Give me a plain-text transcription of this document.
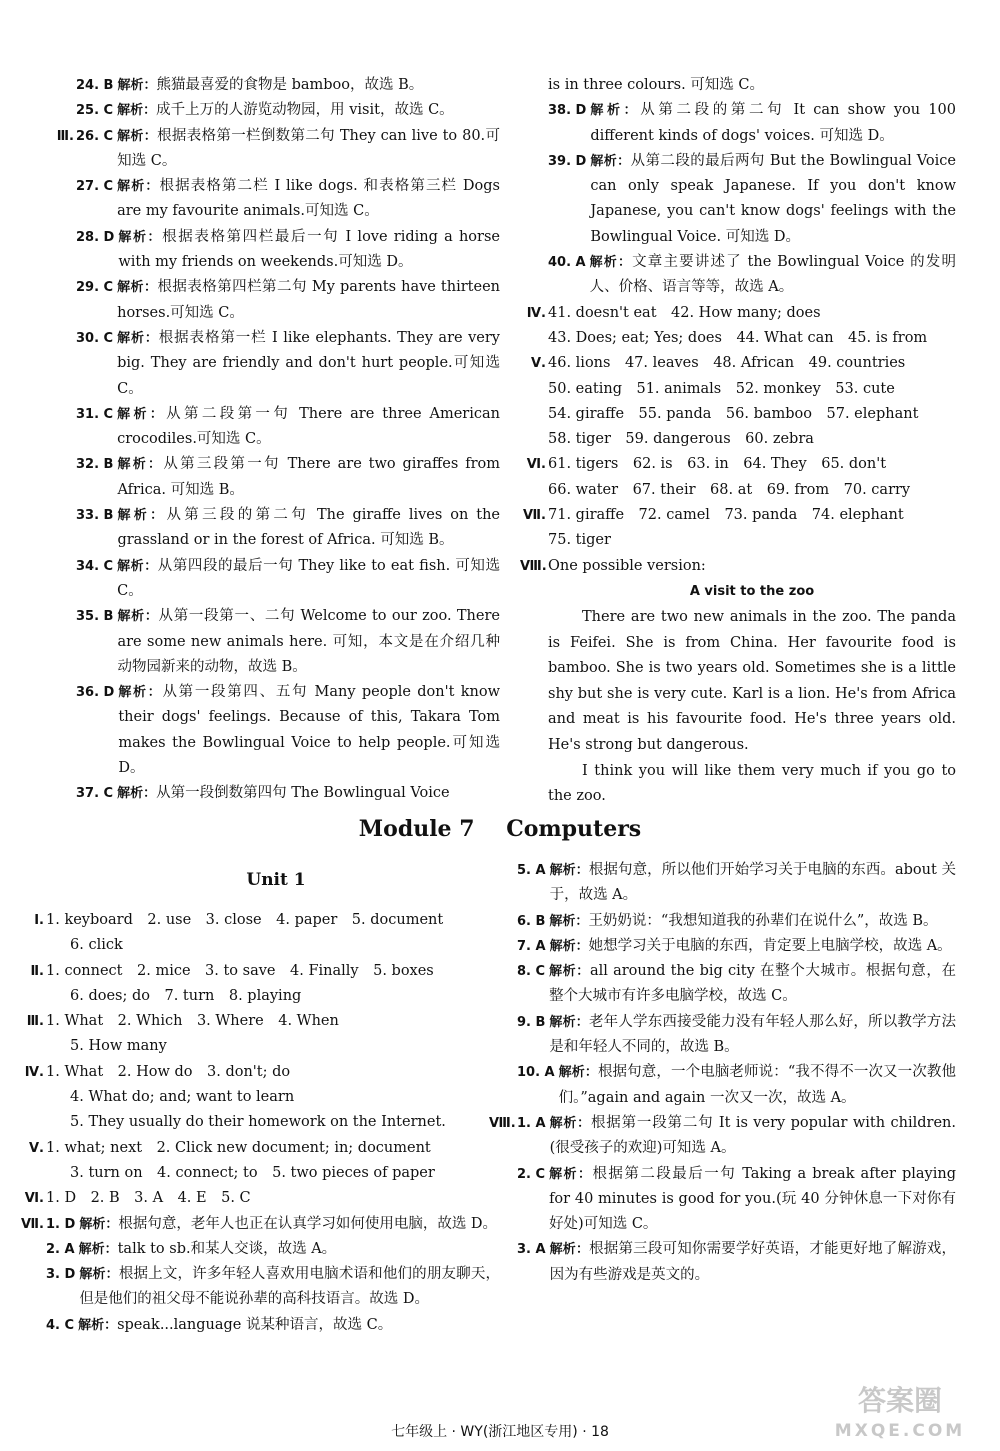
24. B 解析：熊猫最喜爱的食物是 bamboo，故选 B。
25. C 解析：成千上万的人游览动物园，用 visit，故选 C。
Ⅲ. 26. C 解析：根据表格第一栏倒数第二句 They can live to 80.可知选 C。
27. C 解析：根据表格第二栏 I like dogs. 和表格第三栏 Dogs are my favourite animals.可知选 C。
28. D 解析：根据表格第四栏最后一句 I love riding a horse with my friends on weekends.可知选 D。
29. C 解析：根据表格第四栏第二句 My parents have thirteen horses.可知选 C。
30. C 解析：根据表格第一栏 I like elephants. They are very big. They are friendly and don't hurt people.可知选 C。
31. C 解析：从第二段第一句 There are three American crocodiles.可知选 C。
32. B 解析：从第三段第一句 There are two giraffes from Africa. 可知选 B。
33. B 解析：从第三段的第二句 The giraffe lives on the grassland or in the forest of Africa. 可知选 B。
34. C 解析：从第四段的最后一句 They like to eat fish. 可知选 C。
35. B 解析：从第一段第一、二句 Welcome to our zoo. There are some new animals here. 可知，本文是在介绍几种动物园新来的动物，故选 B。
36. D 解析：从第一段第四、五句 Many people don't know their dogs' feelings. Because of this, Takara Tom makes the Bowlingual Voice to help people.可知选 D。
37. C 解析：从第一段倒数第四句 The Bowlingual Voice
is in three colours. 可知选 C。
38. D 解析：从第二段的第二句 It can show you 100 different kinds of dogs' voices. 可知选 D。
39. D 解析：从第二段的最后两句 But the Bowlingual Voice can only speak Japanese. If you don't know Japanese, you can't know dogs' feelings with the Bowlingual Voice. 可知选 D。
40. A 解析：文章主要讲述了 the Bowlingual Voice 的发明人、价格、语言等等，故选 A。
Ⅳ. 41. doesn't eat　42. How many; does
43. Does; eat; Yes; does　44. What can　45. is from
Ⅴ. 46. lions　47. leaves　48. African　49. countries
50. eating　51. animals　52. monkey　53. cute
54. giraffe　55. panda　56. bamboo　57. elephant
58. tiger　59. dangerous　60. zebra
Ⅵ. 61. tigers　62. is　63. in　64. They　65. don't
66. water　67. their　68. at　69. from　70. carry
Ⅶ. 71. giraffe　72. camel　73. panda　74. elephant
75. tiger
Ⅷ. One possible version:
A visit to the zoo
There are two new animals in the zoo. The panda is Feifei. She is from China. Her favourite food is bamboo. She is two years old. Sometimes she is a little shy but she is very cute. Karl is a lion. He's from Africa and meat is his favourite food. He's three years old. He's strong but dangerous.
I think you will like them very much if you go to the zoo.
Module 7 Computers
Unit 1
Ⅰ. 1. keyboard　2. use　3. close　4. paper　5. document
6. click
Ⅱ. 1. connect　2. mice　3. to save　4. Finally　5. boxes
6. does; do　7. turn　8. playing
Ⅲ. 1. What　2. Which　3. Where　4. When
5. How many
Ⅳ. 1. What　2. How do　3. don't; do
4. What do; and; want to learn
5. They usually do their homework on the Internet.
Ⅴ. 1. what; next　2. Click new document; in; document
3. turn on　4. connect; to　5. two pieces of paper
Ⅵ. 1. D　2. B　3. A　4. E　5. C
Ⅶ. 1. D 解析：根据句意，老年人也正在认真学习如何使用电脑，故选 D。
2. A 解析：talk to sb.和某人交谈，故选 A。
3. D 解析：根据上文，许多年轻人喜欢用电脑术语和他们的朋友聊天，但是他们的祖父母不能说孙辈的高科技语言。故选 D。
4. C 解析：speak...language 说某种语言，故选 C。
5. A 解析：根据句意，所以他们开始学习关于电脑的东西。about 关于，故选 A。
6. B 解析：王奶奶说：“我想知道我的孙辈们在说什么”，故选 B。
7. A 解析：她想学习关于电脑的东西，肯定要上电脑学校，故选 A。
8. C 解析：all around the big city 在整个大城市。根据句意，在整个大城市有许多电脑学校，故选 C。
9. B 解析：老年人学东西接受能力没有年轻人那么好，所以教学方法是和年轻人不同的，故选 B。
10. A 解析：根据句意，一个电脑老师说：“我不得不一次又一次教他们。”again and again 一次又一次，故选 A。
Ⅷ. 1. A 解析：根据第一段第二句 It is very popular with children.(很受孩子的欢迎)可知选 A。
2. C 解析：根据第二段最后一句 Taking a break after playing for 40 minutes is good for you.(玩 40 分钟休息一下对你有好处)可知选 C。
3. A 解析：根据第三段可知你需要学好英语，才能更好地了解游戏，因为有些游戏是英文的。
七年级上 · WY(浙江地区专用) · 18
答案圈
MXQE.COM
